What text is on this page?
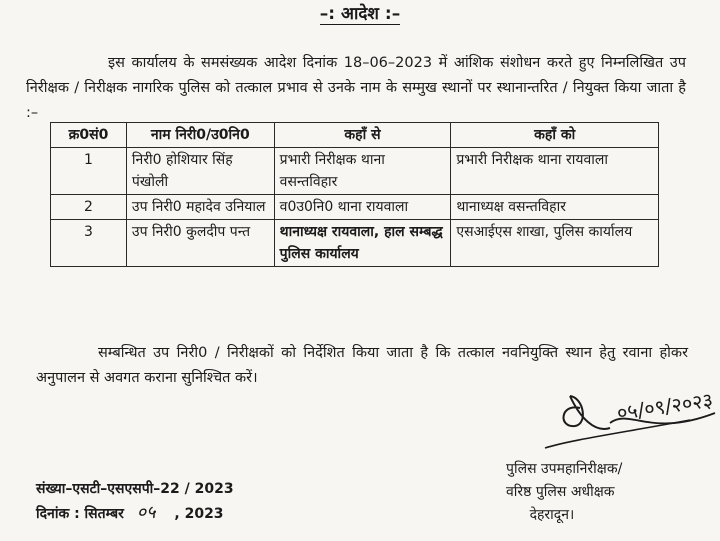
–: आदेश :–

इस कार्यालय के समसंख्यक आदेश दिनांक 18–06–2023 में आंशिक संशोधन करते हुए निम्नलिखित उप निरीक्षक / निरीक्षक नागरिक पुलिस को तत्काल प्रभाव से उनके नाम के सम्मुख स्थानों पर स्थानान्तरित / नियुक्त किया जाता है :–

क्र0सं0	नाम निरी0/उ0नि0	कहाँ से	कहाँ को
1	निरी0 होशियार सिंह पंखोली	प्रभारी निरीक्षक थाना वसन्तविहार	प्रभारी निरीक्षक थाना रायवाला
2	उप निरी0 महादेव उनियाल	व0उ0नि0 थाना रायवाला	थानाध्यक्ष वसन्तविहार
3	उप निरी0 कुलदीप पन्त	थानाध्यक्ष रायवाला, हाल सम्बद्ध पुलिस कार्यालय	एसआईएस शाखा, पुलिस कार्यालय

सम्बन्धित उप निरी0 / निरीक्षकों को निर्देशित किया जाता है कि तत्काल नवनियुक्ति स्थान हेतु रवाना होकर अनुपालन से अवगत कराना सुनिश्चित करें।

०५/०९/२०२३
पुलिस उपमहानिरीक्षक/
वरिष्ठ पुलिस अधीक्षक
देहरादून।
संख्या–एसटी–एसएसपी–22 / 2023
दिनांक : सितम्बर ०५ , 2023
